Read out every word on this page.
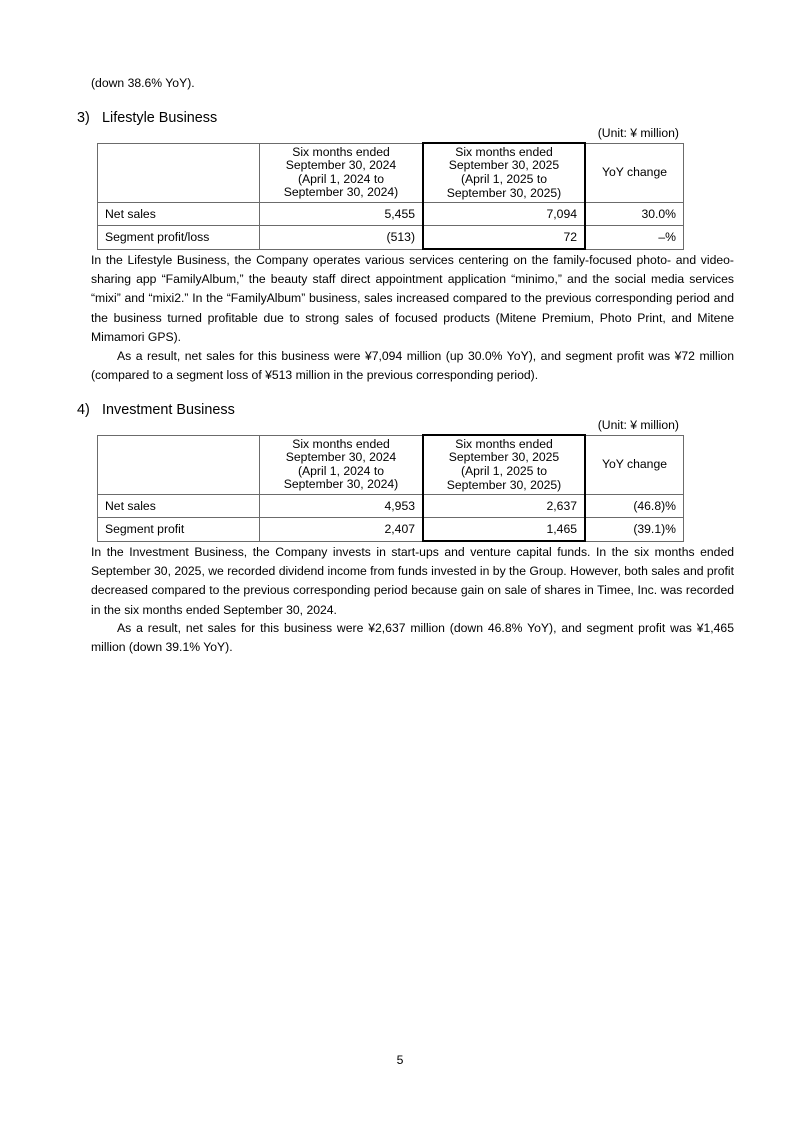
(down 38.6% YoY).

3) Lifestyle Business
(Unit: ¥ million)
	Six months ended
September 30, 2024
(April 1, 2024 to
September 30, 2024)	Six months ended
September 30, 2025
(April 1, 2025 to
September 30, 2025)	YoY change
Net sales	5,455	7,094	30.0%
Segment profit/loss	(513)	72	–%

In the Lifestyle Business, the Company operates various services centering on the family-focused photo- and video-sharing app “FamilyAlbum,” the beauty staff direct appointment application “minimo,” and the social media services “mixi” and “mixi2.” In the “FamilyAlbum” business, sales increased compared to the previous corresponding period and the business turned profitable due to strong sales of focused products (Mitene Premium, Photo Print, and Mitene Mimamori GPS).

As a result, net sales for this business were ¥7,094 million (up 30.0% YoY), and segment profit was ¥72 million (compared to a segment loss of ¥513 million in the previous corresponding period).

4) Investment Business
(Unit: ¥ million)
	Six months ended
September 30, 2024
(April 1, 2024 to
September 30, 2024)	Six months ended
September 30, 2025
(April 1, 2025 to
September 30, 2025)	YoY change
Net sales	4,953	2,637	(46.8)%
Segment profit	2,407	1,465	(39.1)%

In the Investment Business, the Company invests in start-ups and venture capital funds. In the six months ended September 30, 2025, we recorded dividend income from funds invested in by the Group. However, both sales and profit decreased compared to the previous corresponding period because gain on sale of shares in Timee, Inc. was recorded in the six months ended September 30, 2024.

As a result, net sales for this business were ¥2,637 million (down 46.8% YoY), and segment profit was ¥1,465 million (down 39.1% YoY).

5
